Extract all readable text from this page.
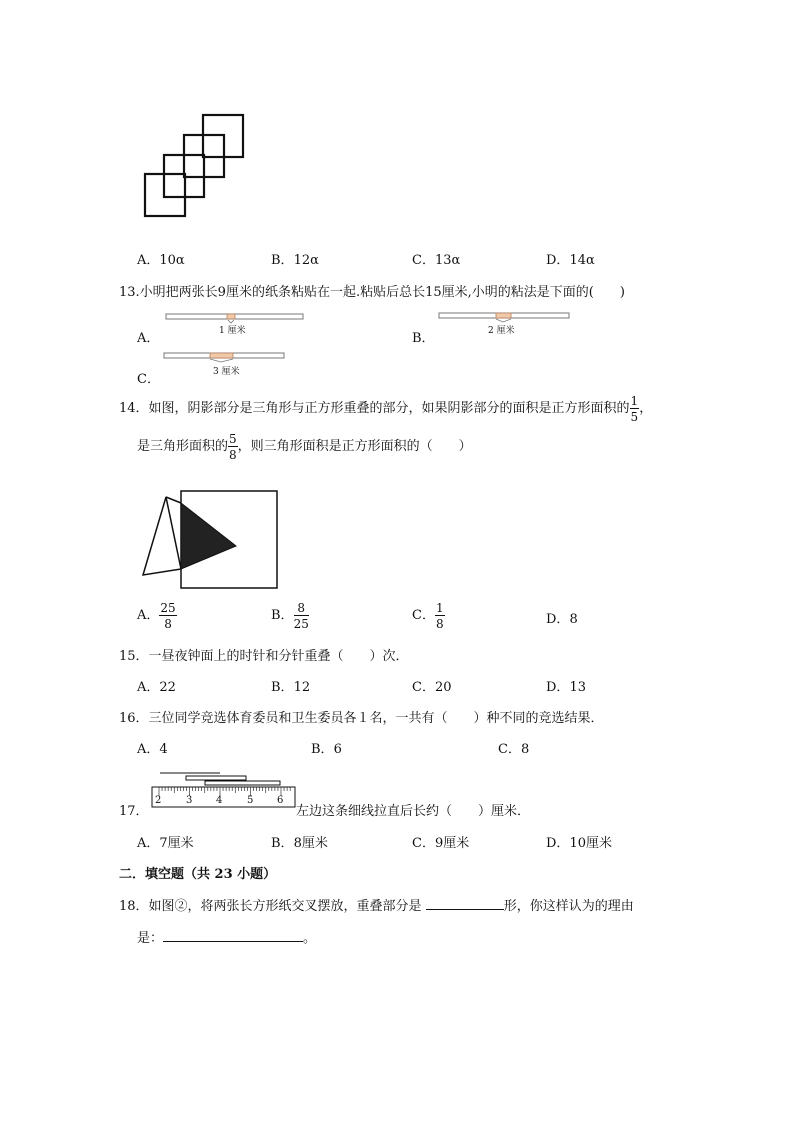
A．10α	B．12α	C．13α	D．14α
13.小明把两张长9厘米的纸条粘贴在一起.粘贴后总长15厘米,小明的粘法是下面的(　　)
A．	1 厘米	B．	2 厘米
C．	3 厘米
14．如图，阴影部分是三角形与正方形重叠的部分，如果阴影部分的面积是正方形面积的 $\frac{1}{5}$ ，
是三角形面积的 $\frac{5}{8}$ ，则三角形面积是正方形面积的（　　）
A． $\frac{25}{8}$	B． $\frac{8}{25}$	C． $\frac{1}{8}$	D．8
15．一昼夜钟面上的时针和分针重叠（　　）次．
A．22	B．12	C．20	D．13
16．三位同学竞选体育委员和卫生委员各１名，一共有（　　）种不同的竞选结果．
A．4	B．6	C．8
17．
2 3 4 5 6
左边这条细线拉直后长约（　　）厘米．
A．7厘米	B．8厘米	C．9厘米	D．10厘米
二．填空题（共 23 小题）
18．如图②，将两张长方形纸交叉摆放，重叠部分是	形，你这样认为的理由
是：	。
